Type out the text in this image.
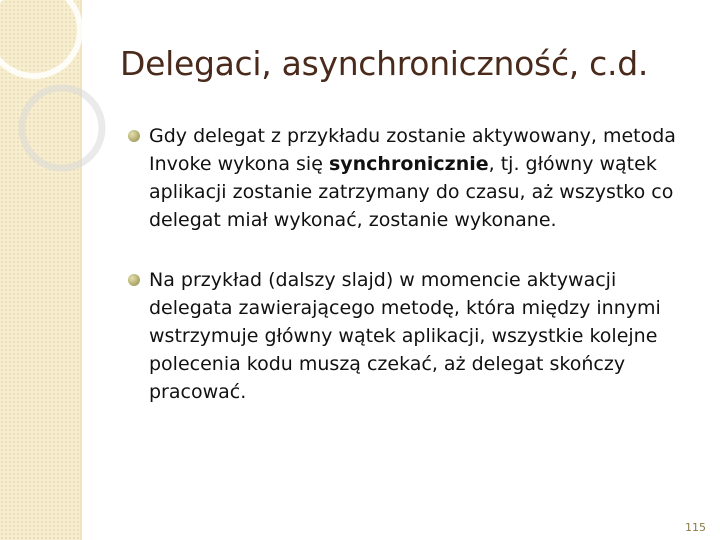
Delegaci, asynchroniczność, c.d.
Gdy delegat z przykładu zostanie aktywowany, metoda Invoke wykona się synchronicznie, tj. główny wątek aplikacji zostanie zatrzymany do czasu, aż wszystko co delegat miał wykonać, zostanie wykonane.
Na przykład (dalszy slajd) w momencie aktywacji delegata zawierającego metodę, która między innymi wstrzymuje główny wątek aplikacji, wszystkie kolejne polecenia kodu muszą czekać, aż delegat skończy pracować.
115
